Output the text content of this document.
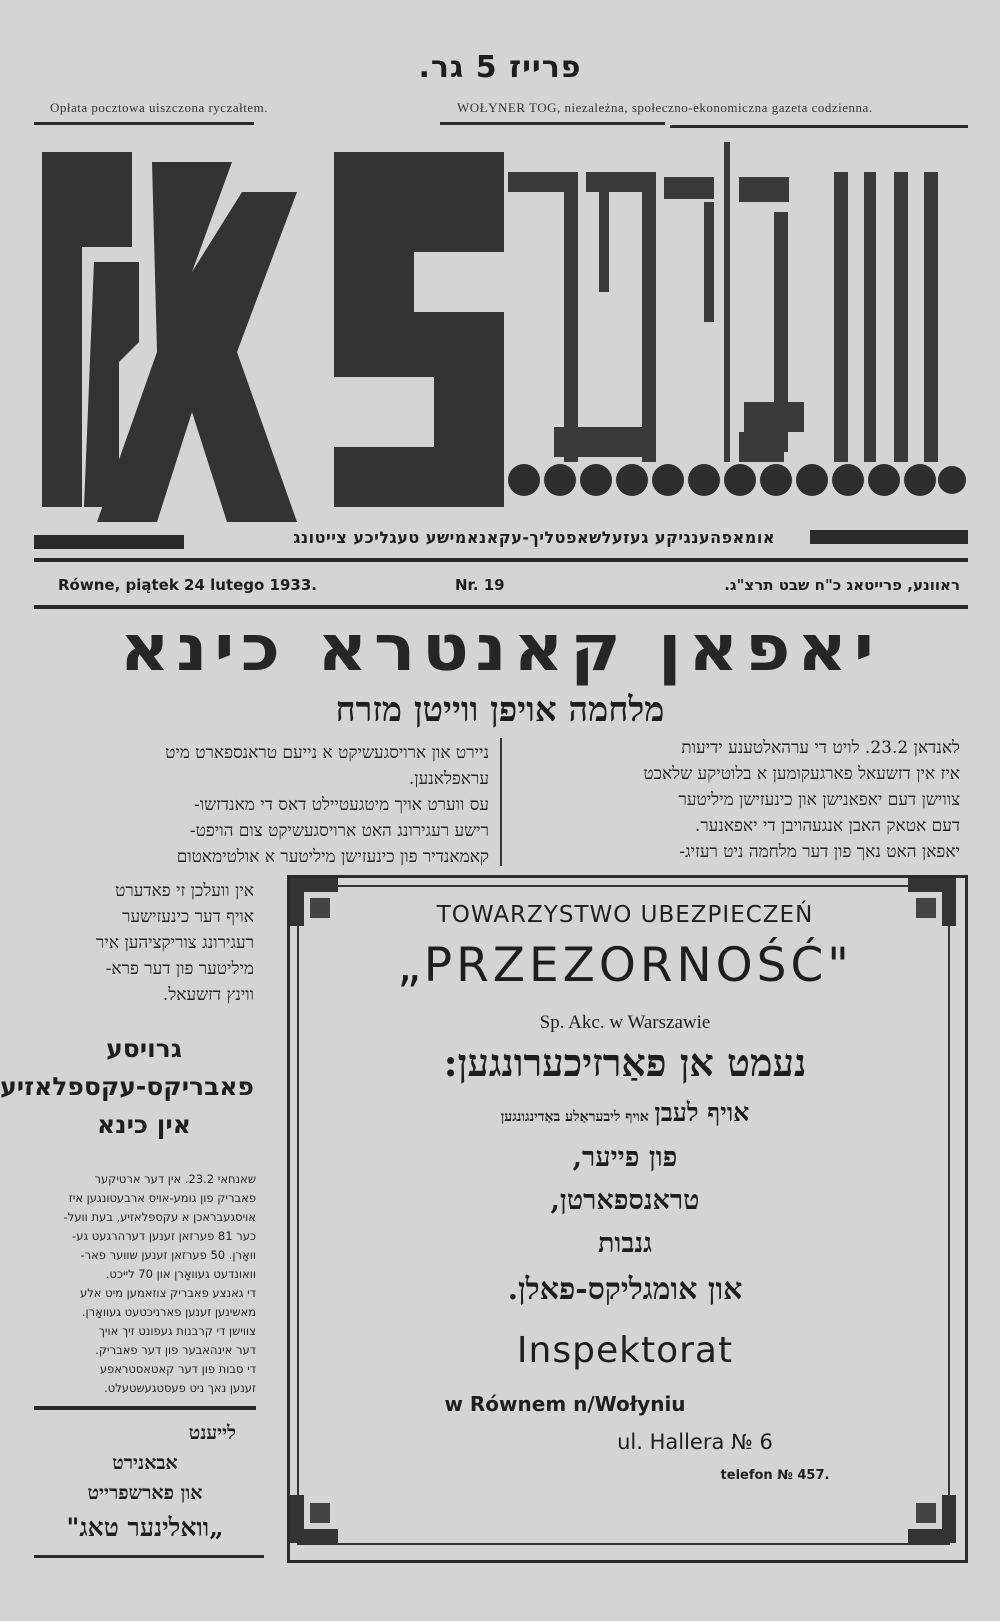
פרייז 5 גר.
Opłata pocztowa uiszczona ryczałtem.	WOŁYNER TOG, niezależna, społeczno-ekonomiczna gazeta codzienna.
אומאפהענגיקע געזעלשאפטליך-עקאנאמישע טעגליכע צייטונג
Równe, piątek 24 lutego 1933.	Nr. 19	ראוונע, פרייטאג כ"ח שבט תרצ"ג.
יאפאן קאנטרא כינא
מלחמה אויפן ווייטן מזרח

לאנדאן 23.2. לויט די ערהאלטענע ידיעות

איז אין דזשעאל פארגעקומען א בלוטיקע שלאכט

צווישן דעם יאפאנישן און כינעזישן מיליטער

דעם אטאק האבן אנגעהויבן די יאפאנער.

יאפאן האט נאך פון דער מלחמה ניט רעזיג-

ניירט און ארויסגעשיקט א נייעם טראנספארט מיט

עראפלאנען.

עס ווערט אויך מיטגעטיילט דאס די מאנדזשו-

רישע רעגירונג האט ארויסגעשיקט צום הויפט-

קאמאנדיר פון כינעזישן מיליטער א אולטימאטום

אין וועלכן זי פאדערט

אויף דער כינעזישער

רעגירונג צוריקציהען איר

מיליטער פון דער פרא-

ווינץ דזשעאל.

גרויסע פאבריקס-עקספלאזיע אין כינא
שאנחאי 23.2. אין דער ארטיקער
פאבריק פון גומע-אויס ארבעטונגען איז
אויסגעבראכן א עקספלאזיע, בעת וועל-
כער 81 פערזאן זענען דערהרגעט גע-
וואָרן. 50 פערזאן זענען שווער פאר-
וואונדעט געוואָרן און 70 לייכט.
די גאנצע פאבריק צוזאמען מיט אלע
מאשינען זענען פארניכטעט געוואָרן.
צווישן די קרבנות געפונט זיך אויך
דער אינהאבער פון דער פאבריק.
די סבות פון דער קאטאסטראפע
זענען נאך ניט פעסטגעשטעלט.
לייענט
אבאנירט
און פארשפרייט
„וואלינער טאג"
TOWARZYSTWO UBEZPIECZEŃ
„PRZEZORNOŚĆ"
Sp. Akc. w Warszawie
נעמט אן פאַרזיכערונגען:
אויף לעבן אויף ליבעראַלע באַדינגונגען
פון פייער,
טראנספארטן,
גנבות
און אומגליקס-פאלן.
Inspektorat
w Równem n/Wołyniu
ul. Hallera № 6
telefon № 457.
